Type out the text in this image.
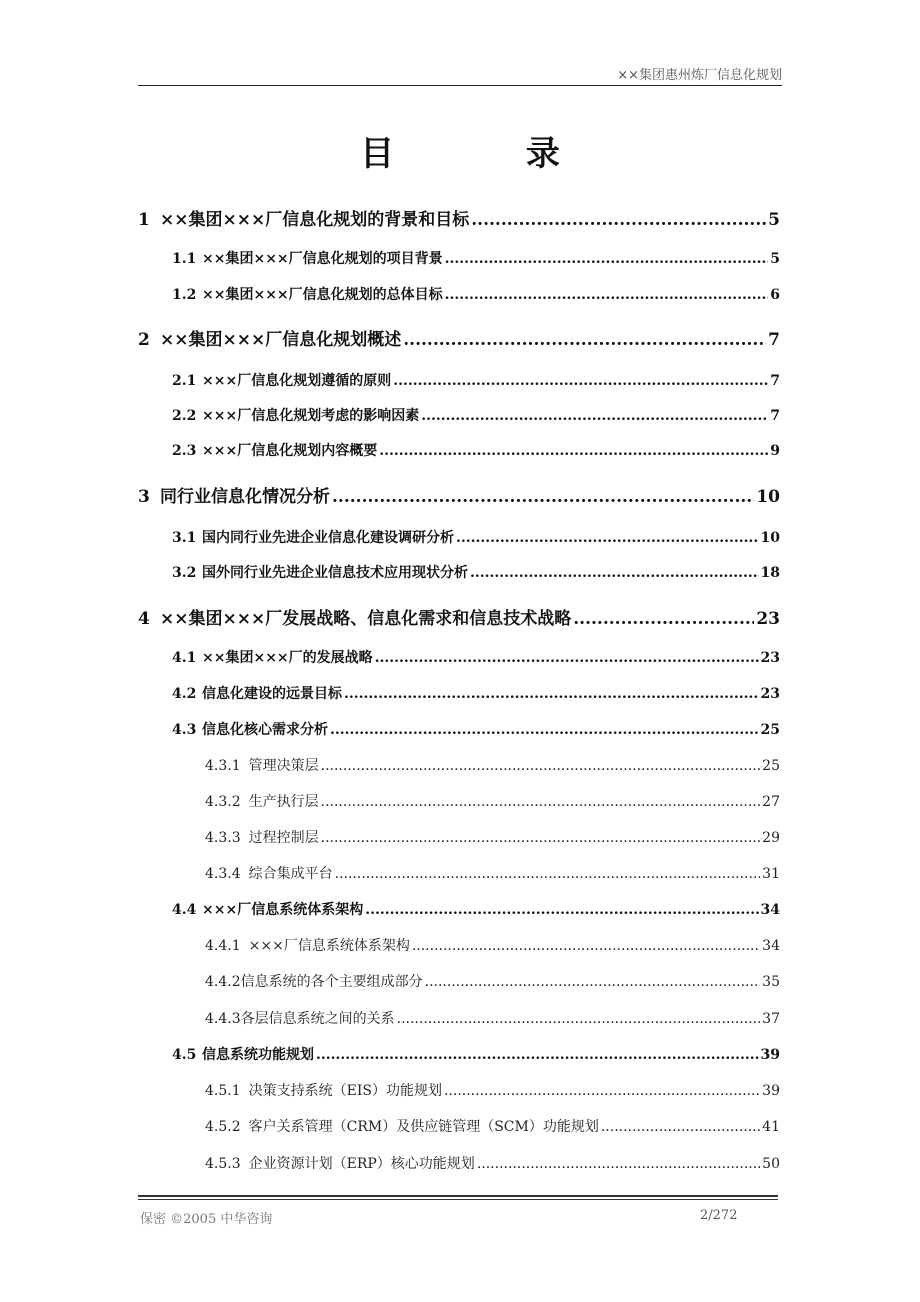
××集团惠州炼厂信息化规划
目 录
1 ××集团×××厂信息化规划的背景和目标 .....	5
1.1 ××集团×××厂信息化规划的项目背景 .....	5
1.2 ××集团×××厂信息化规划的总体目标 .....	6
2 ××集团×××厂信息化规划概述 .....	7
2.1 ×××厂信息化规划遵循的原则 .....	7
2.2 ×××厂信息化规划考虑的影响因素 .....	7
2.3 ×××厂信息化规划内容概要 .....	9
3 同行业信息化情况分析 .....	10
3.1 国内同行业先进企业信息化建设调研分析 .....	10
3.2 国外同行业先进企业信息技术应用现状分析 .....	18
4 ××集团×××厂发展战略、信息化需求和信息技术战略 .....	23
4.1 ××集团×××厂的发展战略 .....	23
4.2 信息化建设的远景目标 .....	23
4.3 信息化核心需求分析 .....	25
4.3.1 管理决策层 .....	25
4.3.2 生产执行层 .....	27
4.3.3 过程控制层 .....	29
4.3.4 综合集成平台 .....	31
4.4 ×××厂信息系统体系架构 .....	34
4.4.1 ×××厂信息系统体系架构 .....	34
4.4.2 信息系统的各个主要组成部分 .....	35
4.4.3 各层信息系统之间的关系 .....	37
4.5 信息系统功能规划 .....	39
4.5.1 决策支持系统（EIS）功能规划 .....	39
4.5.2 客户关系管理（CRM）及供应链管理（SCM）功能规划 .....	41
4.5.3 企业资源计划（ERP）核心功能规划 .....	50
保密 ©2005 中华咨询	2/272
